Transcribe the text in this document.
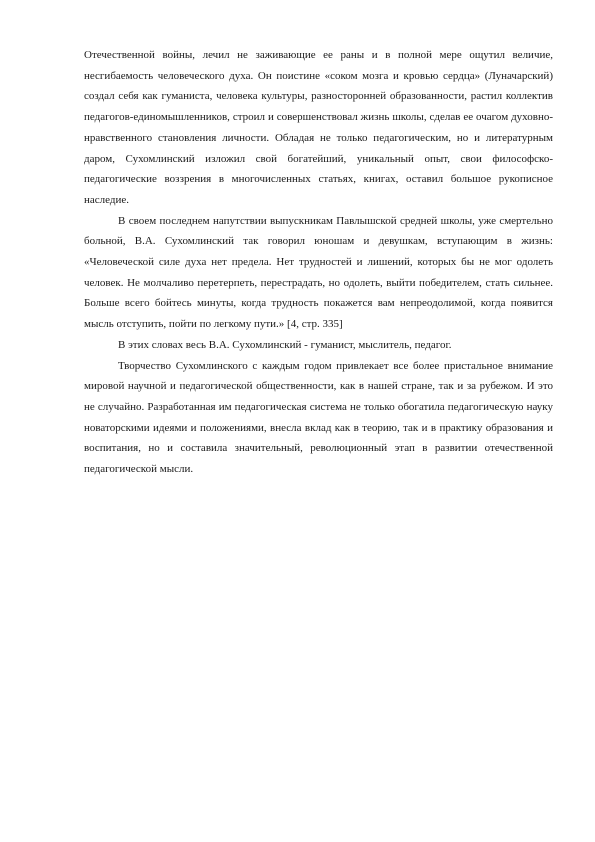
Отечественной войны, лечил не заживающие ее раны и в полной мере ощутил величие, несгибаемость человеческого духа. Он поистине «соком мозга и кровью сердца» (Луначарский) создал себя как гуманиста, человека культуры, разносторонней образованности, растил коллектив педагогов-единомышленников, строил и совершенствовал жизнь школы, сделав ее очагом духовно-нравственного становления личности. Обладая не только педагогическим, но и литературным даром, Сухомлинский изложил свой богатейший, уникальный опыт, свои философско-педагогические воззрения в многочисленных статьях, книгах, оставил большое рукописное наследие.

В своем последнем напутствии выпускникам Павлышской средней школы, уже смертельно больной, В.А. Сухомлинский так говорил юношам и девушкам, вступающим в жизнь: «Человеческой силе духа нет предела. Нет трудностей и лишений, которых бы не мог одолеть человек. Не молчаливо перетерпеть, перестрадать, но одолеть, выйти победителем, стать сильнее. Больше всего бойтесь минуты, когда трудность покажется вам непреодолимой, когда появится мысль отступить, пойти по легкому пути.» [4, стр. 335]

В этих словах весь В.А. Сухомлинский - гуманист, мыслитель, педагог.

Творчество Сухомлинского с каждым годом привлекает все более пристальное внимание мировой научной и педагогической общественности, как в нашей стране, так и за рубежом. И это не случайно. Разработанная им педагогическая система не только обогатила педагогическую науку новаторскими идеями и положениями, внесла вклад как в теорию, так и в практику образования и воспитания, но и составила значительный, революционный этап в развитии отечественной педагогической мысли.
